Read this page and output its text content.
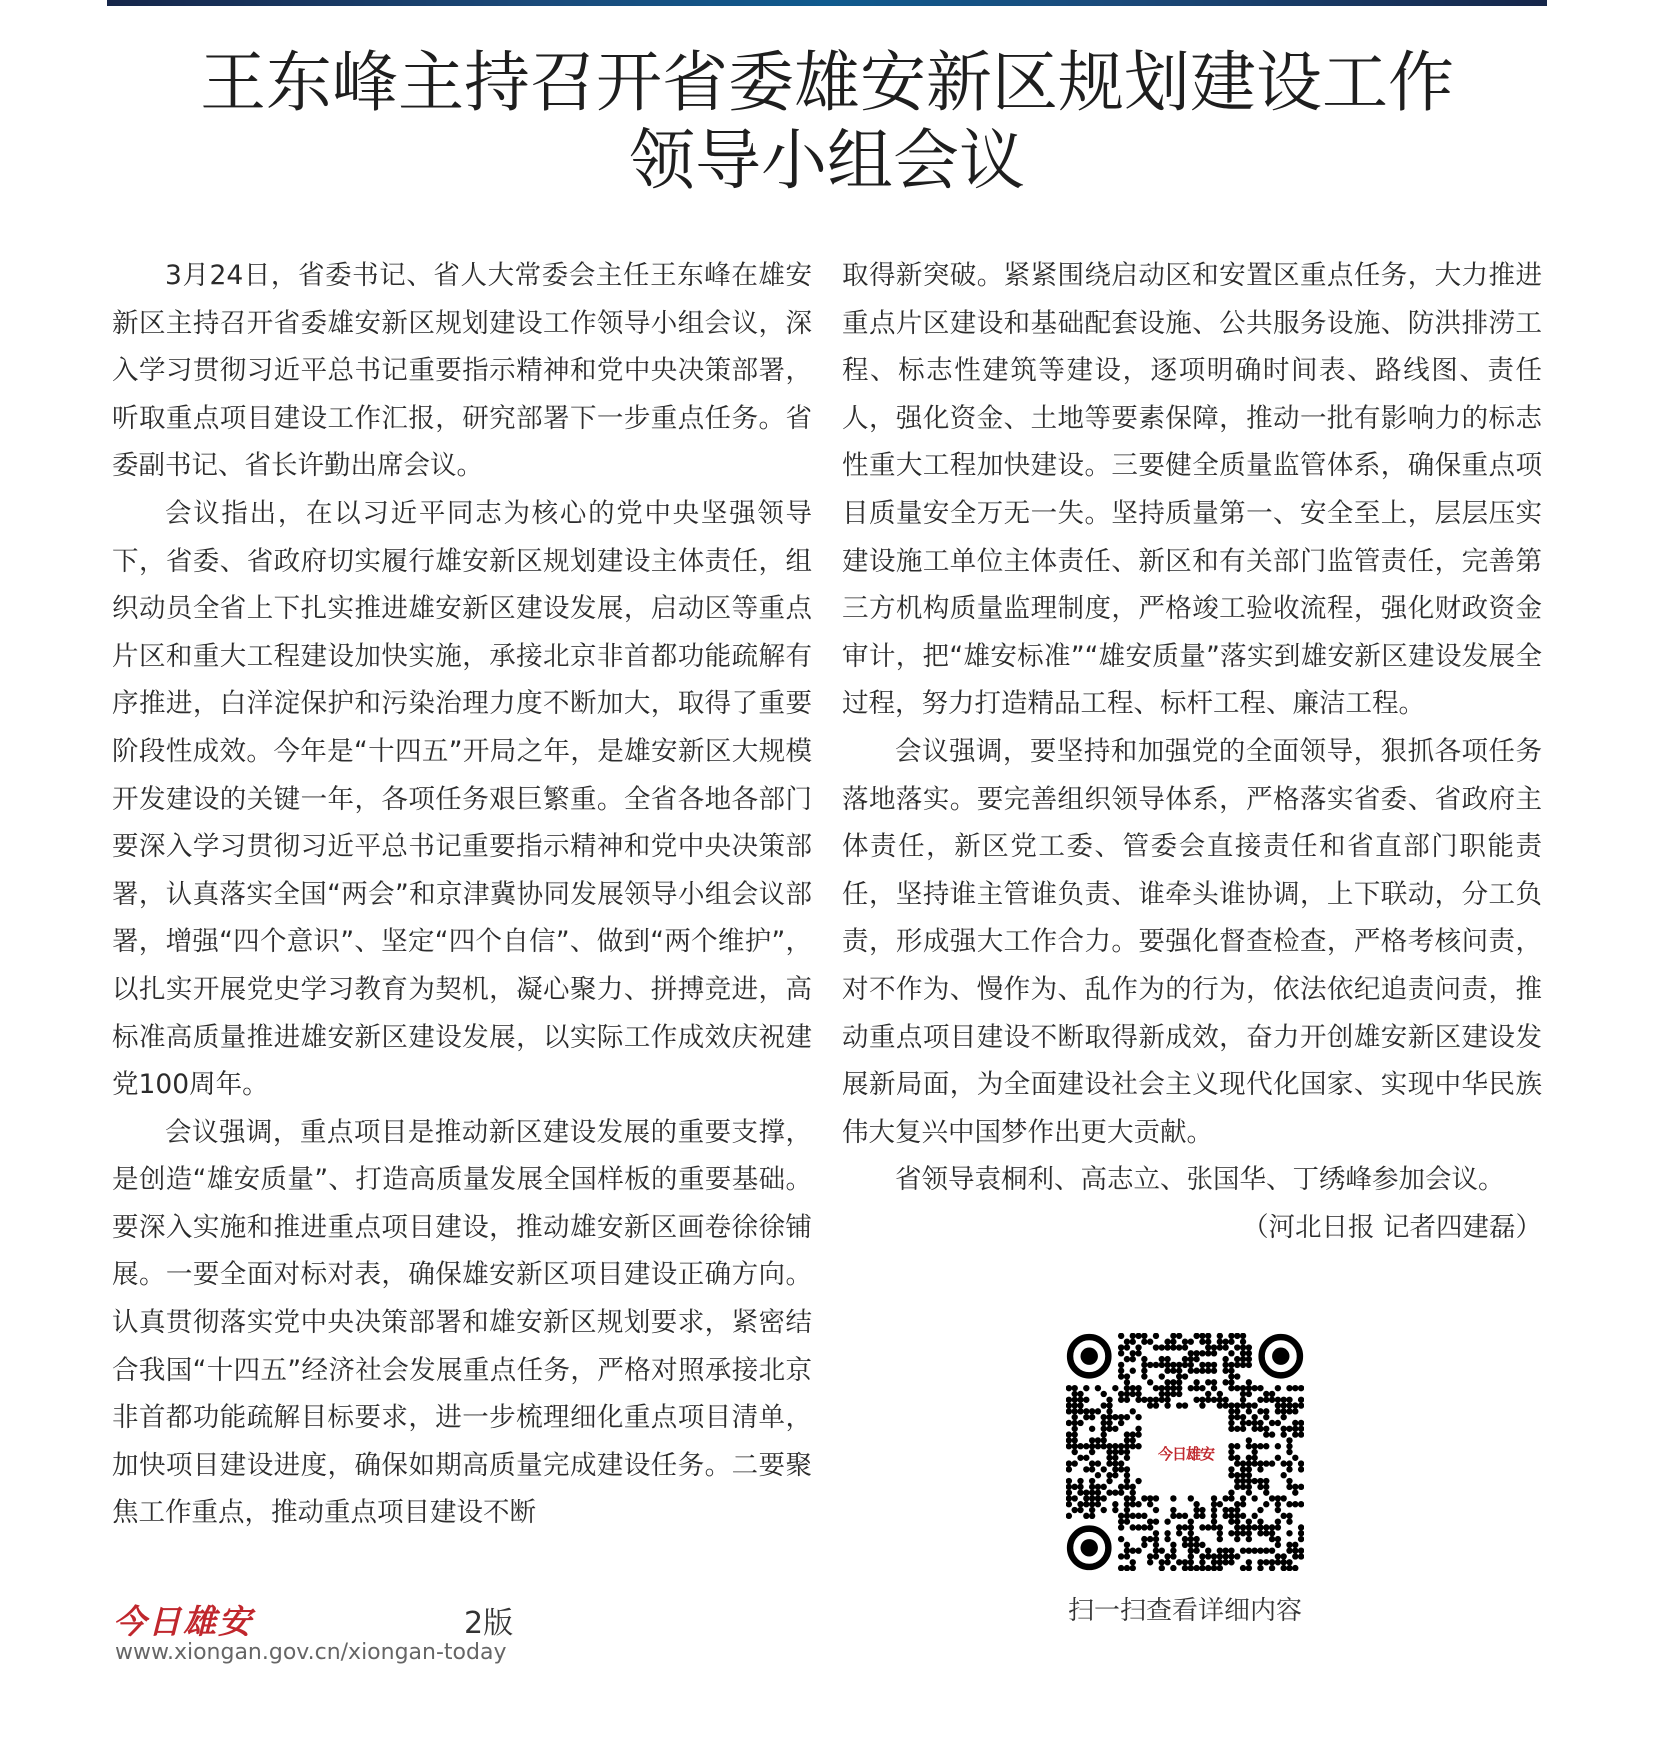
王东峰主持召开省委雄安新区规划建设工作
领导小组会议

3月24日，省委书记、省人大常委会主任王东峰在雄安新区主持召开省委雄安新区规划建设工作领导小组会议，深入学习贯彻习近平总书记重要指示精神和党中央决策部署，听取重点项目建设工作汇报，研究部署下一步重点任务。省委副书记、省长许勤出席会议。

会议指出，在以习近平同志为核心的党中央坚强领导下，省委、省政府切实履行雄安新区规划建设主体责任，组织动员全省上下扎实推进雄安新区建设发展，启动区等重点片区和重大工程建设加快实施，承接北京非首都功能疏解有序推进，白洋淀保护和污染治理力度不断加大，取得了重要阶段性成效。今年是“十四五”开局之年，是雄安新区大规模开发建设的关键一年，各项任务艰巨繁重。全省各地各部门要深入学习贯彻习近平总书记重要指示精神和党中央决策部署，认真落实全国“两会”和京津冀协同发展领导小组会议部署，增强“四个意识”、坚定“四个自信”、做到“两个维护”，以扎实开展党史学习教育为契机，凝心聚力、拼搏竞进，高标准高质量推进雄安新区建设发展，以实际工作成效庆祝建党100周年。

会议强调，重点项目是推动新区建设发展的重要支撑，是创造“雄安质量”、打造高质量发展全国样板的重要基础。要深入实施和推进重点项目建设，推动雄安新区画卷徐徐铺展。一要全面对标对表，确保雄安新区项目建设正确方向。认真贯彻落实党中央决策部署和雄安新区规划要求，紧密结合我国“十四五”经济社会发展重点任务，严格对照承接北京非首都功能疏解目标要求，进一步梳理细化重点项目清单，加快项目建设进度，确保如期高质量完成建设任务。二要聚焦工作重点，推动重点项目建设不断

取得新突破。紧紧围绕启动区和安置区重点任务，大力推进重点片区建设和基础配套设施、公共服务设施、防洪排涝工程、标志性建筑等建设，逐项明确时间表、路线图、责任人，强化资金、土地等要素保障，推动一批有影响力的标志性重大工程加快建设。三要健全质量监管体系，确保重点项目质量安全万无一失。坚持质量第一、安全至上，层层压实建设施工单位主体责任、新区和有关部门监管责任，完善第三方机构质量监理制度，严格竣工验收流程，强化财政资金审计，把“雄安标准”“雄安质量”落实到雄安新区建设发展全过程，努力打造精品工程、标杆工程、廉洁工程。

会议强调，要坚持和加强党的全面领导，狠抓各项任务落地落实。要完善组织领导体系，严格落实省委、省政府主体责任，新区党工委、管委会直接责任和省直部门职能责任，坚持谁主管谁负责、谁牵头谁协调，上下联动，分工负责，形成强大工作合力。要强化督查检查，严格考核问责，对不作为、慢作为、乱作为的行为，依法依纪追责问责，推动重点项目建设不断取得新成效，奋力开创雄安新区建设发展新局面，为全面建设社会主义现代化国家、实现中华民族伟大复兴中国梦作出更大贡献。

省领导袁桐利、高志立、张国华、丁绣峰参加会议。

（河北日报 记者四建磊）

今日雄安
扫一扫查看详细内容
今日雄安	2版
www.xiongan.gov.cn/xiongan-today
